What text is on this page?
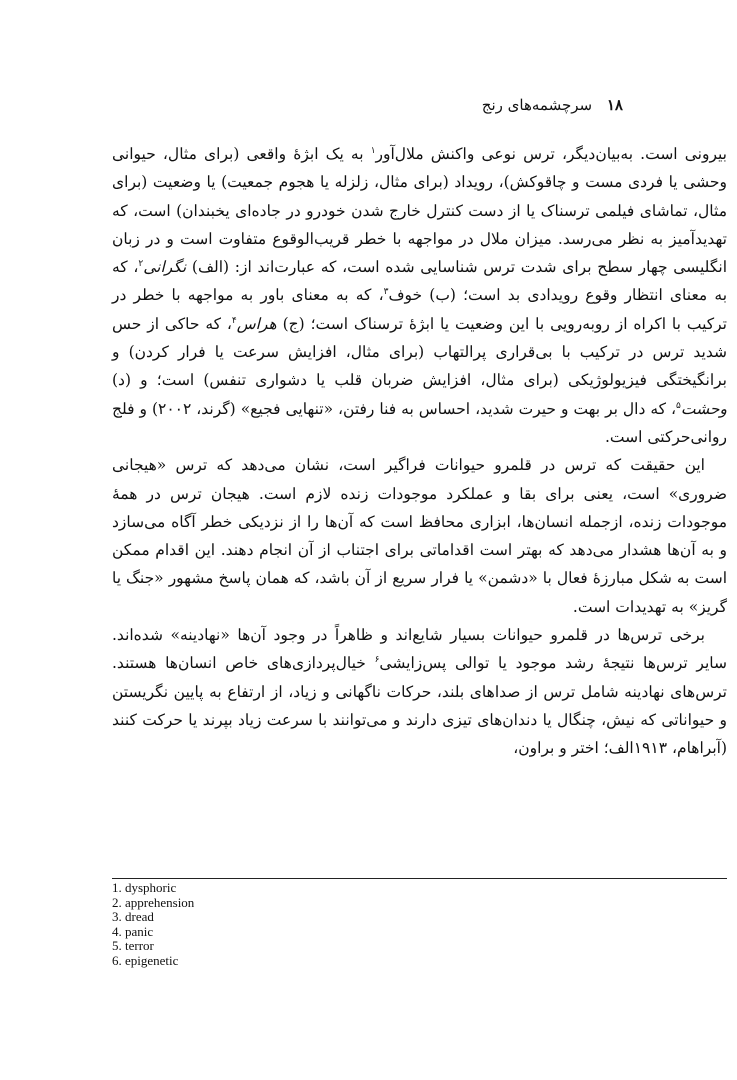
۱۸ سرچشمه‌های رنج

بیرونی است. به‌بیان‌دیگر، ترس نوعی واکنش ملال‌آور$^۱$ به یک ابژهٔ واقعی (برای مثال، حیوانی وحشی یا فردی مست و چاقوکش)، رویداد (برای مثال، زلزله یا هجوم جمعیت) یا وضعیت (برای مثال، تماشای فیلمی ترسناک یا از دست کنترل خارج شدن خودرو در جاده‌ای یخبندان) است، که تهدیدآمیز به نظر می‌رسد. میزان ملال در مواجهه با خطر قریب‌الوقوع متفاوت است و در زبان انگلیسی چهار سطح برای شدت ترس شناسایی شده است، که عبارت‌اند از: (الف) نگرانی$^۲$، که به معنای انتظار وقوع رویدادی بد است؛ (ب) خوف$^۳$، که به معنای باور به مواجهه با خطر در ترکیب با اکراه از روبه‌رویی با این وضعیت یا ابژهٔ ترسناک است؛ (ج) هراس$^۴$، که حاکی از حس شدید ترس در ترکیب با بی‌قراری پرالتهاب (برای مثال، افزایش سرعت یا فرار کردن) و برانگیختگی فیزیولوژیکی (برای مثال، افزایش ضربان قلب یا دشواری تنفس) است؛ و (د) وحشت$^۵$، که دال بر بهت و حیرت شدید، احساس به فنا رفتن، «تنهایی فجیع» (گرند، ۲۰۰۲) و فلج روانی‌حرکتی است.

این حقیقت که ترس در قلمرو حیوانات فراگیر است، نشان می‌دهد که ترس «هیجانی ضروری» است، یعنی برای بقا و عملکرد موجودات زنده لازم است. هیجان ترس در همهٔ موجودات زنده، ازجمله انسان‌ها، ابزاری محافظ است که آن‌ها را از نزدیکی خطر آگاه می‌سازد و به آن‌ها هشدار می‌دهد که بهتر است اقداماتی برای اجتناب از آن انجام دهند. این اقدام ممکن است به شکل مبارزهٔ فعال با «دشمن» یا فرار سریع از آن باشد، که همان پاسخ مشهور «جنگ یا گریز» به تهدیدات است.

برخی ترس‌ها در قلمرو حیوانات بسیار شایع‌اند و ظاهراً در وجود آن‌ها «نهادینه» شده‌اند. سایر ترس‌ها نتیجهٔ رشد موجود یا توالی پس‌زایشی$^۶$ خیال‌پردازی‌های خاص انسان‌ها هستند. ترس‌های نهادینه شامل ترس از صداهای بلند، حرکات ناگهانی و زیاد، از ارتفاع به پایین نگریستن و حیواناتی که نیش، چنگال یا دندان‌های تیزی دارند و می‌توانند با سرعت زیاد بپرند یا حرکت کنند (آبراهام، ۱۹۱۳الف؛ اختر و براون،

1. dysphoric
2. apprehension
3. dread
4. panic
5. terror
6. epigenetic
